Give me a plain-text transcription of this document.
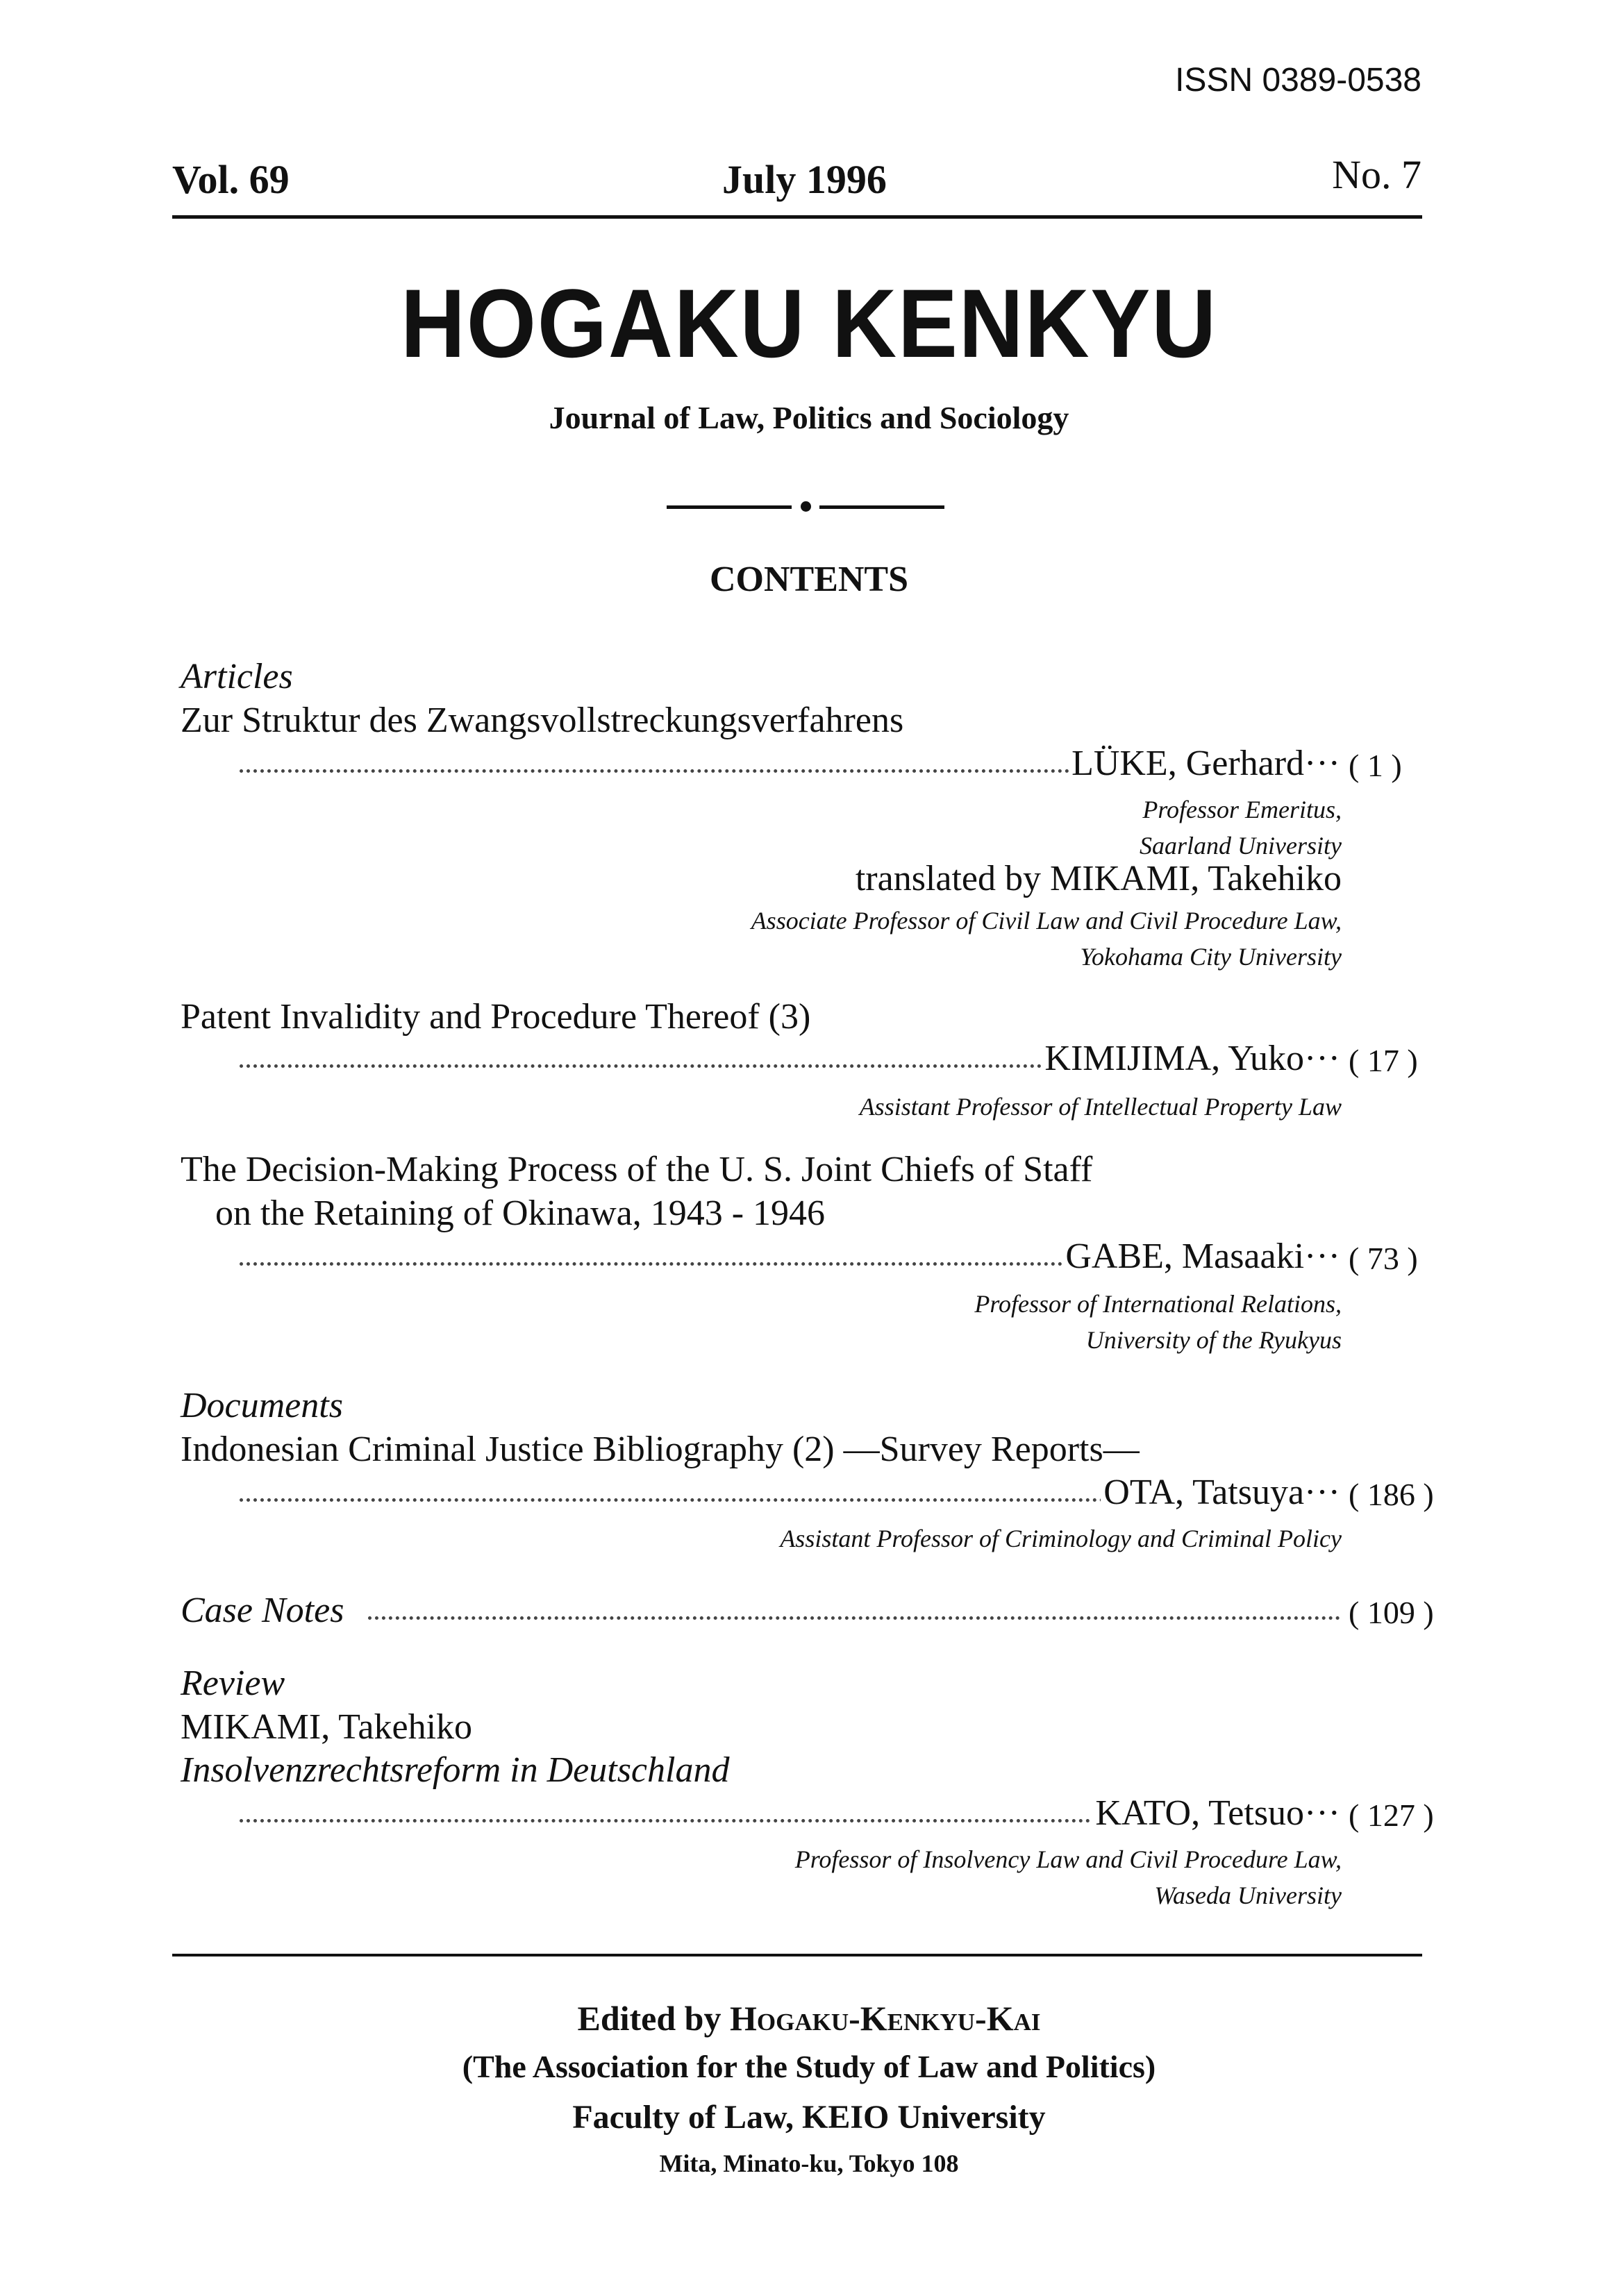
ISSN 0389-0538
Vol. 69	July 1996	No. 7
HOGAKU KENKYU
Journal of Law, Politics and Sociology
CONTENTS
Articles
Zur Struktur des Zwangsvollstreckungsverfahrens
LÜKE, Gerhard··· ( 1 )
Professor Emeritus,
Saarland University
translated by MIKAMI, Takehiko
Associate Professor of Civil Law and Civil Procedure Law,
Yokohama City University
Patent Invalidity and Procedure Thereof (3)
KIMIJIMA, Yuko··· ( 17 )
Assistant Professor of Intellectual Property Law
The Decision-Making Process of the U. S. Joint Chiefs of Staff
on the Retaining of Okinawa, 1943 - 1946
GABE, Masaaki··· ( 73 )
Professor of International Relations,
University of the Ryukyus
Documents
Indonesian Criminal Justice Bibliography (2) —Survey Reports—
OTA, Tatsuya··· ( 186 )
Assistant Professor of Criminology and Criminal Policy
Case Notes	( 109 )
Review
MIKAMI, Takehiko
Insolvenzrechtsreform in Deutschland
KATO, Tetsuo··· ( 127 )
Professor of Insolvency Law and Civil Procedure Law,
Waseda University
Edited by Hogaku-Kenkyu-Kai
(The Association for the Study of Law and Politics)
Faculty of Law, KEIO University
Mita, Minato-ku, Tokyo 108
